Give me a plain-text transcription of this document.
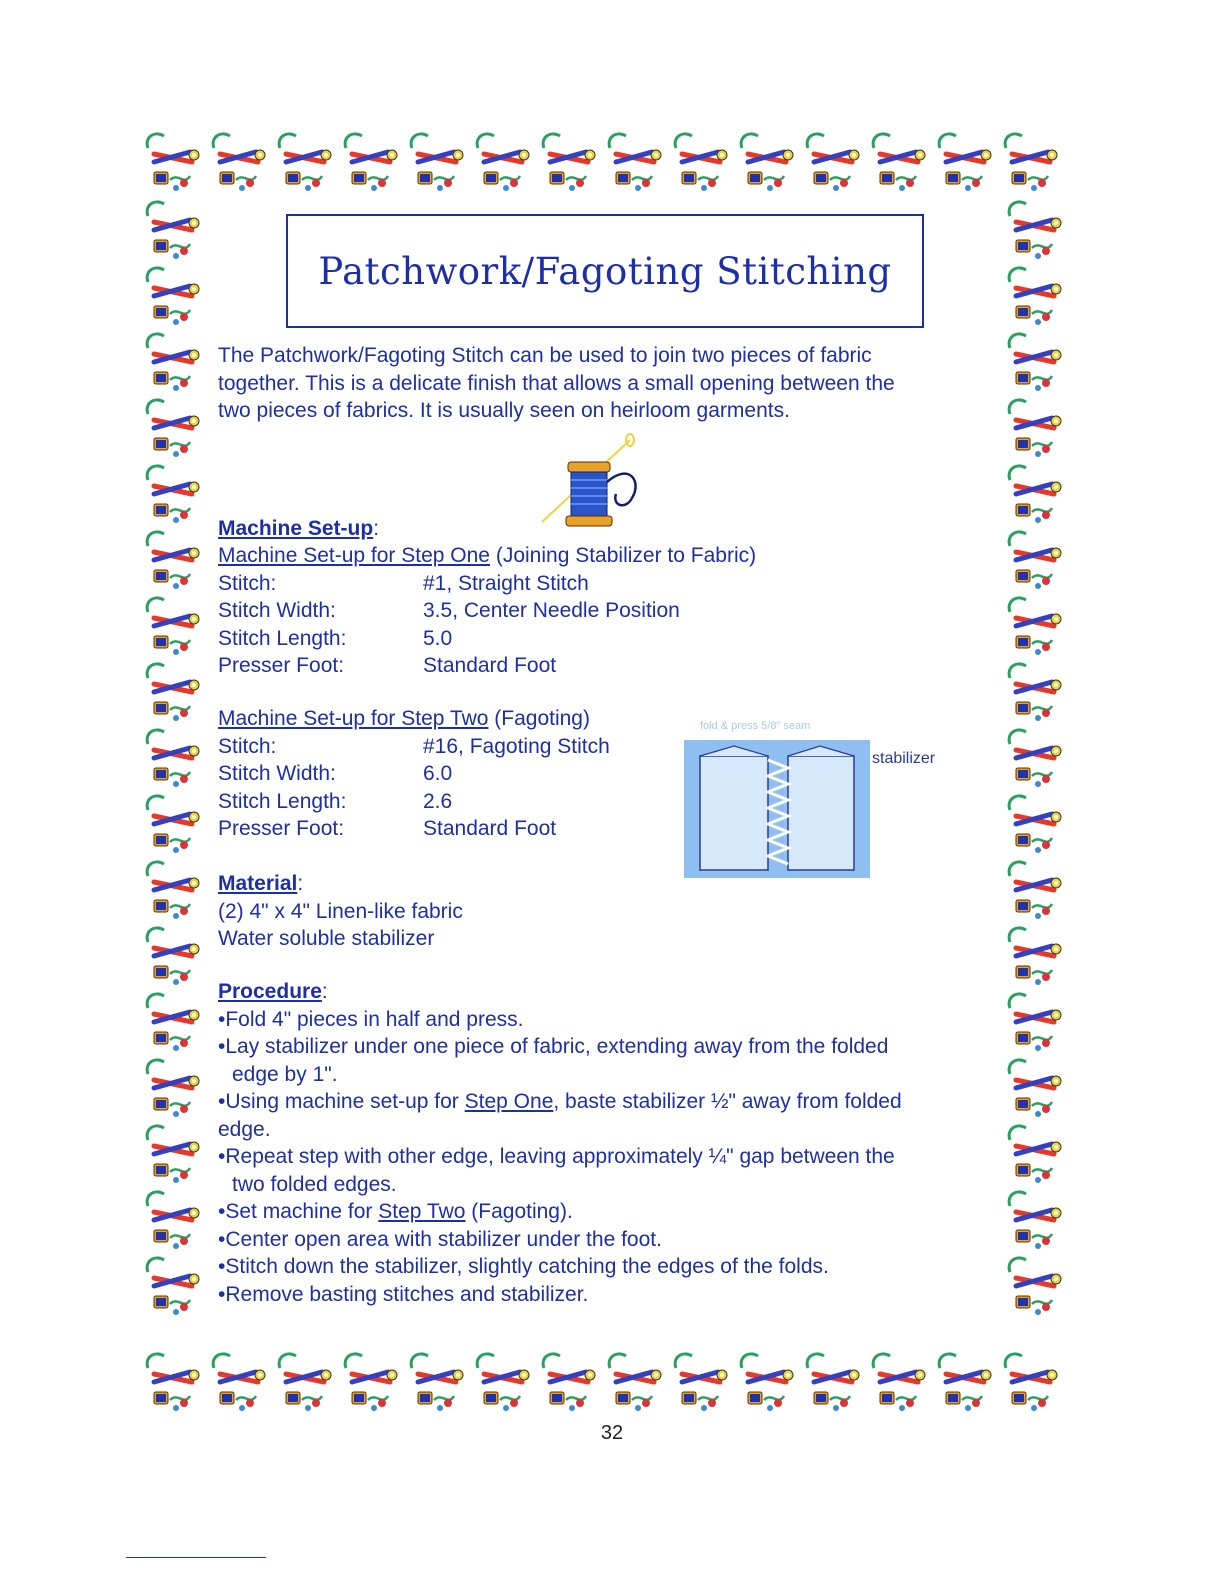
Patchwork/Fagoting Stitching
The Patchwork/Fagoting Stitch can be used to join two pieces of fabric
together. This is a delicate finish that allows a small opening between the
two pieces of fabrics. It is usually seen on heirloom garments.
Machine Set-up:
Machine Set-up for Step One (Joining Stabilizer to Fabric)
Stitch:	#1, Straight Stitch
Stitch Width:	3.5, Center Needle Position
Stitch Length:	5.0
Presser Foot:	Standard Foot
Machine Set-up for Step Two (Fagoting)
Stitch:	#16, Fagoting Stitch
Stitch Width:	6.0
Stitch Length:	2.6
Presser Foot:	Standard Foot
fold & press 5/8" seam
stabilizer
Material:
(2) 4" x 4" Linen-like fabric
Water soluble stabilizer
Procedure:
•Fold 4" pieces in half and press.
•Lay stabilizer under one piece of fabric, extending away from the folded
edge by 1".
•Using machine set-up for Step One, baste stabilizer ½" away from folded
edge.
•Repeat step with other edge, leaving approximately ¼" gap between the
two folded edges.
•Set machine for Step Two (Fagoting).
•Center open area with stabilizer under the foot.
•Stitch down the stabilizer, slightly catching the edges of the folds.
•Remove basting stitches and stabilizer.
32
